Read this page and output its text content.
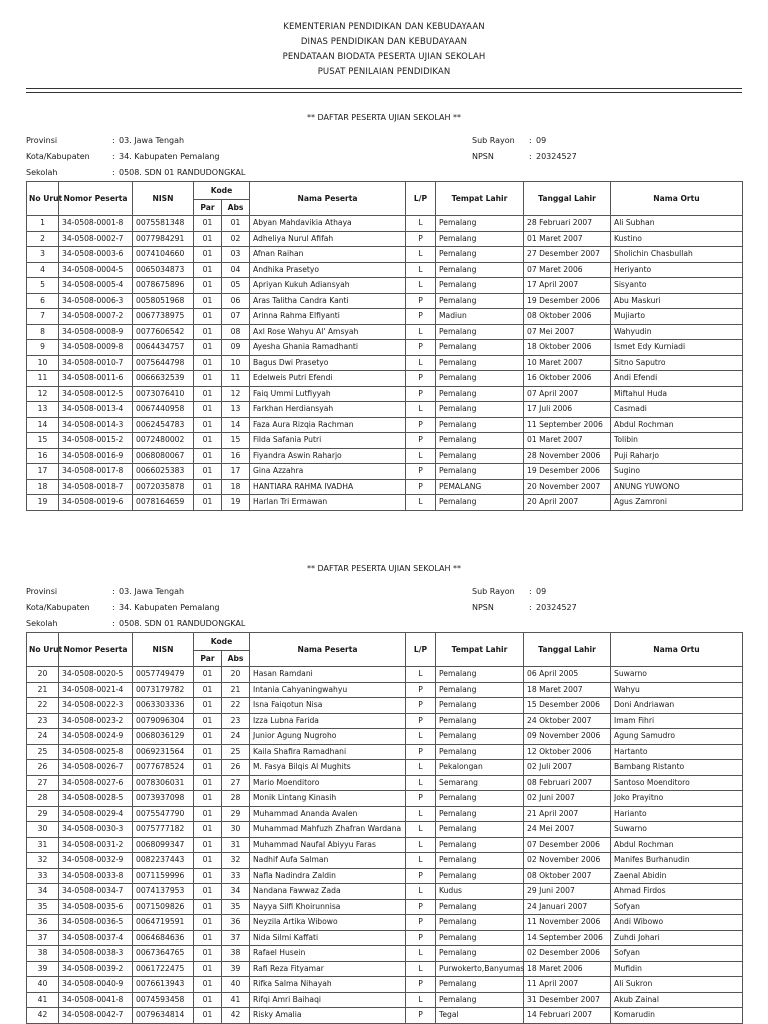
KEMENTERIAN PENDIDIKAN DAN KEBUDAYAAN
DINAS PENDIDIKAN DAN KEBUDAYAAN
PENDATAAN BIODATA PESERTA UJIAN SEKOLAH
PUSAT PENILAIAN PENDIDIKAN
** DAFTAR PESERTA UJIAN SEKOLAH **
Provinsi	: 03. Jawa Tengah	Sub Rayon : 09
Kota/Kabupaten	: 34. Kabupaten Pemalang	NPSN	: 20324527
Sekolah	: 0508. SDN 01 RANDUDONGKAL
No Urut	Nomor Peserta	NISN	Kode		Nama Peserta	L/P	Tempat Lahir	Tanggal Lahir	Nama Ortu
			Par	Abs					
1	34-0508-0001-8	0075581348	01	01	Abyan Mahdavikia Athaya	L	Pemalang	28 Februari 2007	Ali Subhan
2	34-0508-0002-7	0077984291	01	02	Adheliya Nurul Afifah	P	Pemalang	01 Maret 2007	Kustino
3	34-0508-0003-6	0074104660	01	03	Afnan Raihan	L	Pemalang	27 Desember 2007	Sholichin Chasbullah
4	34-0508-0004-5	0065034873	01	04	Andhika Prasetyo	L	Pemalang	07 Maret 2006	Heriyanto
5	34-0508-0005-4	0078675896	01	05	Apriyan Kukuh Adiansyah	L	Pemalang	17 April 2007	Sisyanto
6	34-0508-0006-3	0058051968	01	06	Aras Talitha Candra Kanti	P	Pemalang	19 Desember 2006	Abu Maskuri
7	34-0508-0007-2	0067738975	01	07	Arinna Rahma Elfiyanti	P	Madiun	08 Oktober 2006	Mujiarto
8	34-0508-0008-9	0077606542	01	08	Axl Rose Wahyu Al' Amsyah	L	Pemalang	07 Mei 2007	Wahyudin
9	34-0508-0009-8	0064434757	01	09	Ayesha Ghania Ramadhanti	P	Pemalang	18 Oktober 2006	Ismet Edy Kurniadi
10	34-0508-0010-7	0075644798	01	10	Bagus Dwi Prasetyo	L	Pemalang	10 Maret 2007	Sitno Saputro
11	34-0508-0011-6	0066632539	01	11	Edelweis Putri Efendi	P	Pemalang	16 Oktober 2006	Andi Efendi
12	34-0508-0012-5	0073076410	01	12	Faiq Ummi Lutfiyyah	P	Pemalang	07 April 2007	Miftahul Huda
13	34-0508-0013-4	0067440958	01	13	Farkhan Herdiansyah	L	Pemalang	17 Juli 2006	Casmadi
14	34-0508-0014-3	0062454783	01	14	Faza Aura Rizqia Rachman	P	Pemalang	11 September 2006	Abdul Rochman
15	34-0508-0015-2	0072480002	01	15	Filda Safania Putri	P	Pemalang	01 Maret 2007	Tolibin
16	34-0508-0016-9	0068080067	01	16	Fiyandra Aswin Raharjo	L	Pemalang	28 November 2006	Puji Raharjo
17	34-0508-0017-8	0066025383	01	17	Gina Azzahra	P	Pemalang	19 Desember 2006	Sugino
18	34-0508-0018-7	0072035878	01	18	HANTIARA RAHMA IVADHA	P	PEMALANG	20 November 2007	ANUNG YUWONO
19	34-0508-0019-6	0078164659	01	19	Harlan Tri Ermawan	L	Pemalang	20 April 2007	Agus Zamroni
** DAFTAR PESERTA UJIAN SEKOLAH **
Provinsi	: 03. Jawa Tengah	Sub Rayon : 09
Kota/Kabupaten	: 34. Kabupaten Pemalang	NPSN	: 20324527
Sekolah	: 0508. SDN 01 RANDUDONGKAL
No Urut	Nomor Peserta	NISN	Kode		Nama Peserta	L/P	Tempat Lahir	Tanggal Lahir	Nama Ortu
			Par	Abs					
20	34-0508-0020-5	0057749479	01	20	Hasan Ramdani	L	Pemalang	06 April 2005	Suwarno
21	34-0508-0021-4	0073179782	01	21	Intania Cahyaningwahyu	P	Pemalang	18 Maret 2007	Wahyu
22	34-0508-0022-3	0063303336	01	22	Isna Faiqotun Nisa	P	Pemalang	15 Desember 2006	Doni Andriawan
23	34-0508-0023-2	0079096304	01	23	Izza Lubna Farida	P	Pemalang	24 Oktober 2007	Imam Fihri
24	34-0508-0024-9	0068036129	01	24	Junior Agung Nugroho	L	Pemalang	09 November 2006	Agung Samudro
25	34-0508-0025-8	0069231564	01	25	Kaila Shafira Ramadhani	P	Pemalang	12 Oktober 2006	Hartanto
26	34-0508-0026-7	0077678524	01	26	M. Fasya Bilqis Al Mughits	L	Pekalongan	02 Juli 2007	Bambang Ristanto
27	34-0508-0027-6	0078306031	01	27	Mario Moenditoro	L	Semarang	08 Februari 2007	Santoso Moenditoro
28	34-0508-0028-5	0073937098	01	28	Monik Lintang Kinasih	P	Pemalang	02 Juni 2007	Joko Prayitno
29	34-0508-0029-4	0075547790	01	29	Muhammad Ananda Avalen	L	Pemalang	21 April 2007	Harianto
30	34-0508-0030-3	0075777182	01	30	Muhammad Mahfuzh Zhafran Wardana	L	Pemalang	24 Mei 2007	Suwarno
31	34-0508-0031-2	0068099347	01	31	Muhammad Naufal Abiyyu Faras	L	Pemalang	07 Desember 2006	Abdul Rochman
32	34-0508-0032-9	0082237443	01	32	Nadhif Aufa Salman	L	Pemalang	02 November 2006	Manifes Burhanudin
33	34-0508-0033-8	0071159996	01	33	Nafla Nadindra Zaldin	P	Pemalang	08 Oktober 2007	Zaenal Abidin
34	34-0508-0034-7	0074137953	01	34	Nandana Fawwaz Zada	L	Kudus	29 Juni 2007	Ahmad Firdos
35	34-0508-0035-6	0071509826	01	35	Nayya Silfi Khoirunnisa	P	Pemalang	24 Januari 2007	Sofyan
36	34-0508-0036-5	0064719591	01	36	Neyzila Artika Wibowo	P	Pemalang	11 November 2006	Andi Wibowo
37	34-0508-0037-4	0064684636	01	37	Nida Silmi Kaffati	P	Pemalang	14 September 2006	Zuhdi Johari
38	34-0508-0038-3	0067364765	01	38	Rafael Husein	L	Pemalang	02 Desember 2006	Sofyan
39	34-0508-0039-2	0061722475	01	39	Rafi Reza Fityamar	L	Purwokerto,Banyumas	18 Maret 2006	Mufidin
40	34-0508-0040-9	0076613943	01	40	Rifka Salma Nihayah	P	Pemalang	11 April 2007	Ali Sukron
41	34-0508-0041-8	0074593458	01	41	Rifqi Amri Baihaqi	L	Pemalang	31 Desember 2007	Akub Zainal
42	34-0508-0042-7	0079634814	01	42	Risky Amalia	P	Tegal	14 Februari 2007	Komarudin
